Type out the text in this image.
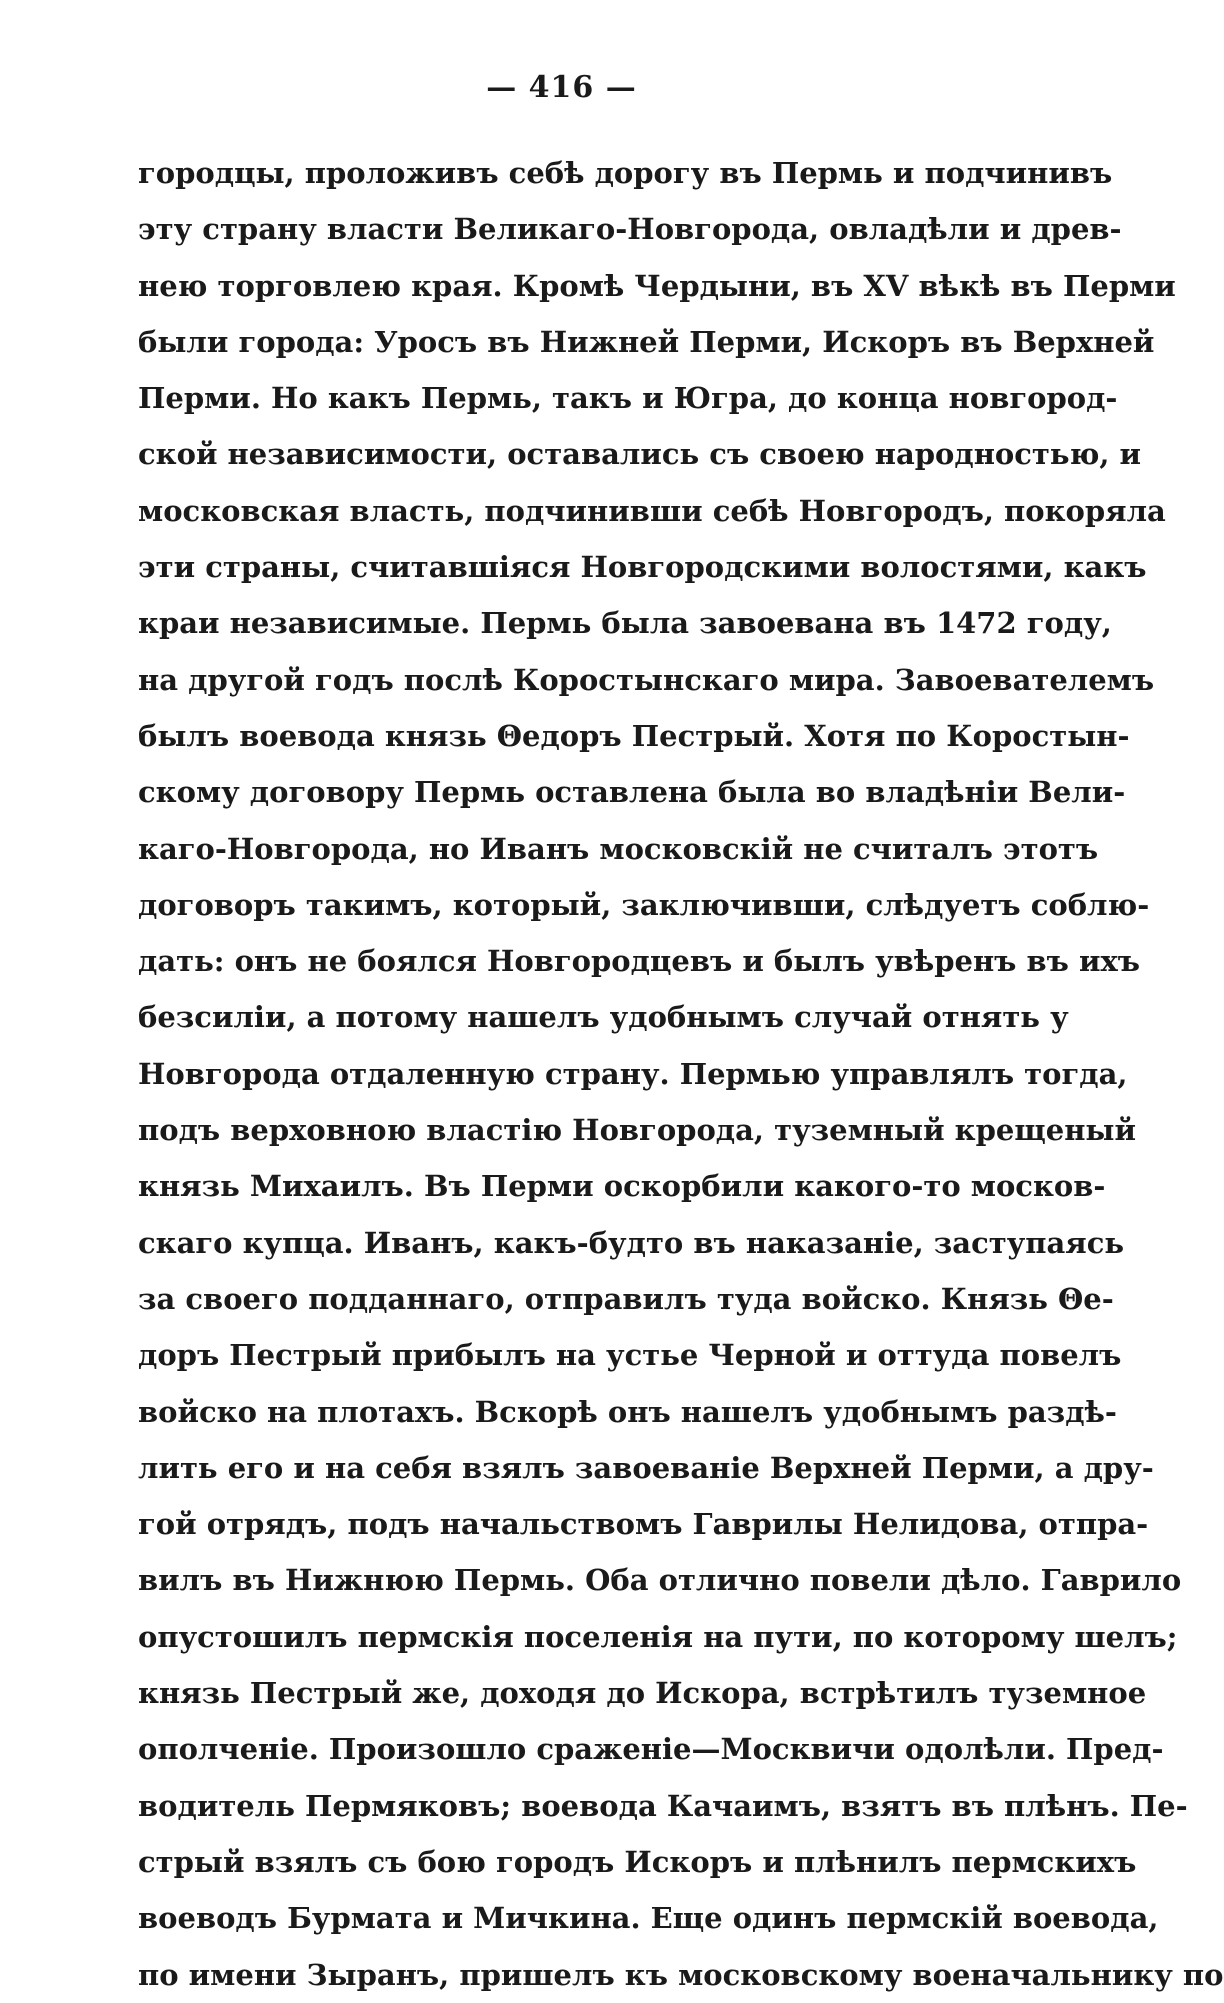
— 416 —
городцы, проложивъ себѣ дорогу въ Пермь и подчинивъ
эту страну власти Великаго-Новгорода, овладѣли и древ-
нею торговлею края. Кромѣ Чердыни, въ XV вѣкѣ въ Перми
были города: Уросъ въ Нижней Перми, Искоръ въ Верхней
Перми. Но какъ Пермь, такъ и Югра, до конца новгород-
ской независимости, оставались съ своею народностью, и
московская власть, подчинивши себѣ Новгородъ, покоряла
эти страны, считавшіяся Новгородскими волостями, какъ
краи независимые. Пермь была завоевана въ 1472 году,
на другой годъ послѣ Коростынскаго мира. Завоевателемъ
былъ воевода князь Θедоръ Пестрый. Хотя по Коростын-
скому договору Пермь оставлена была во владѣніи Вели-
каго-Новгорода, но Иванъ московскій не считалъ этотъ
договоръ такимъ, который, заключивши, слѣдуетъ соблю-
дать: онъ не боялся Новгородцевъ и былъ увѣренъ въ ихъ
безсиліи, а потому нашелъ удобнымъ случай отнять у
Новгорода отдаленную страну. Пермью управлялъ тогда,
подъ верховною властію Новгорода, туземный крещеный
князь Михаилъ. Въ Перми оскорбили какого-то москов-
скаго купца. Иванъ, какъ-будто въ наказаніе, заступаясь
за своего подданнаго, отправилъ туда войско. Князь Θе-
доръ Пестрый прибылъ на устье Черной и оттуда повелъ
войско на плотахъ. Вскорѣ онъ нашелъ удобнымъ раздѣ-
лить его и на себя взялъ завоеваніе Верхней Перми, а дру-
гой отрядъ, подъ начальствомъ Гаврилы Нелидова, отпра-
вилъ въ Нижнюю Пермь. Оба отлично повели дѣло. Гаврило
опустошилъ пермскія поселенія на пути, по которому шелъ;
князь Пестрый же, доходя до Искора, встрѣтилъ туземное
ополченіе. Произошло сраженіе—Москвичи одолѣли. Пред-
водитель Пермяковъ; воевода Качаимъ, взятъ въ плѣнъ. Пе-
стрый взялъ съ бою городъ Искоръ и плѣнилъ пермскихъ
воеводъ Бурмата и Мичкина. Еще одинъ пермскій воевода,
по имени Зыранъ, пришелъ къ московскому военачальнику по
